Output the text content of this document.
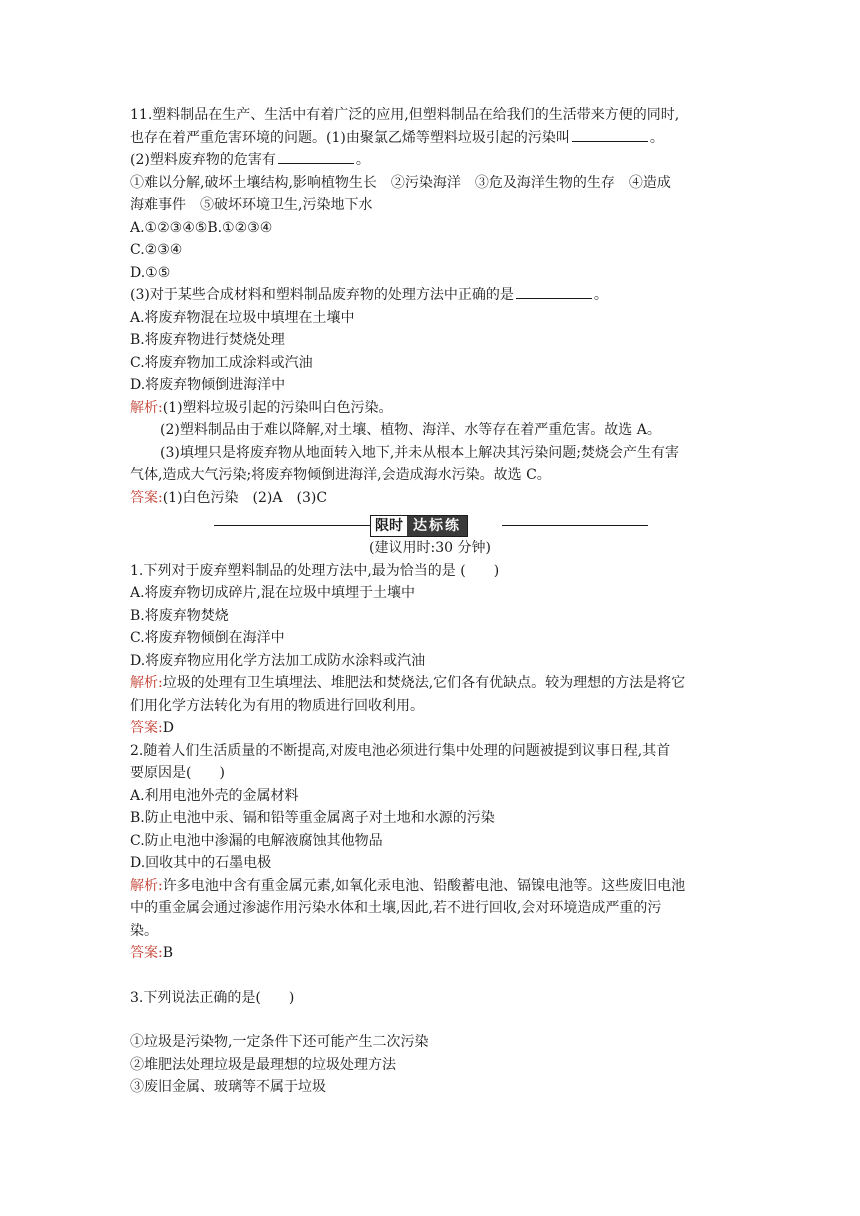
11.塑料制品在生产、生活中有着广泛的应用,但塑料制品在给我们的生活带来方便的同时,
也存在着严重危害环境的问题。(1)由聚氯乙烯等塑料垃圾引起的污染叫	。
(2)塑料废弃物的危害有	。
①难以分解,破坏土壤结构,影响植物生长　②污染海洋　③危及海洋生物的生存　④造成
海难事件　⑤破坏环境卫生,污染地下水
A.①②③④⑤B.①②③④
C.②③④
D.①⑤
(3)对于某些合成材料和塑料制品废弃物的处理方法中正确的是	。
A.将废弃物混在垃圾中填埋在土壤中
B.将废弃物进行焚烧处理
C.将废弃物加工成涂料或汽油
D.将废弃物倾倒进海洋中
解析:(1)塑料垃圾引起的污染叫白色污染。
(2)塑料制品由于难以降解,对土壤、植物、海洋、水等存在着严重危害。故选 A。
(3)填埋只是将废弃物从地面转入地下,并未从根本上解决其污染问题;焚烧会产生有害
气体,造成大气污染;将废弃物倾倒进海洋,会造成海水污染。故选 C。
答案:(1)白色污染　(2)A　(3)C
限时 达标练
(建议用时:30 分钟)
1.下列对于废弃塑料制品的处理方法中,最为恰当的是 (　　)
A.将废弃物切成碎片,混在垃圾中填埋于土壤中
B.将废弃物焚烧
C.将废弃物倾倒在海洋中
D.将废弃物应用化学方法加工成防水涂料或汽油
解析:垃圾的处理有卫生填埋法、堆肥法和焚烧法,它们各有优缺点。较为理想的方法是将它
们用化学方法转化为有用的物质进行回收利用。
答案:D
2.随着人们生活质量的不断提高,对废电池必须进行集中处理的问题被提到议事日程,其首
要原因是(　　)
A.利用电池外壳的金属材料
B.防止电池中汞、镉和铅等重金属离子对土地和水源的污染
C.防止电池中渗漏的电解液腐蚀其他物品
D.回收其中的石墨电极
解析:许多电池中含有重金属元素,如氧化汞电池、铅酸蓄电池、镉镍电池等。这些废旧电池
中的重金属会通过渗滤作用污染水体和土壤,因此,若不进行回收,会对环境造成严重的污
染。
答案:B
3.下列说法正确的是(　　)
①垃圾是污染物,一定条件下还可能产生二次污染
②堆肥法处理垃圾是最理想的垃圾处理方法
③废旧金属、玻璃等不属于垃圾
